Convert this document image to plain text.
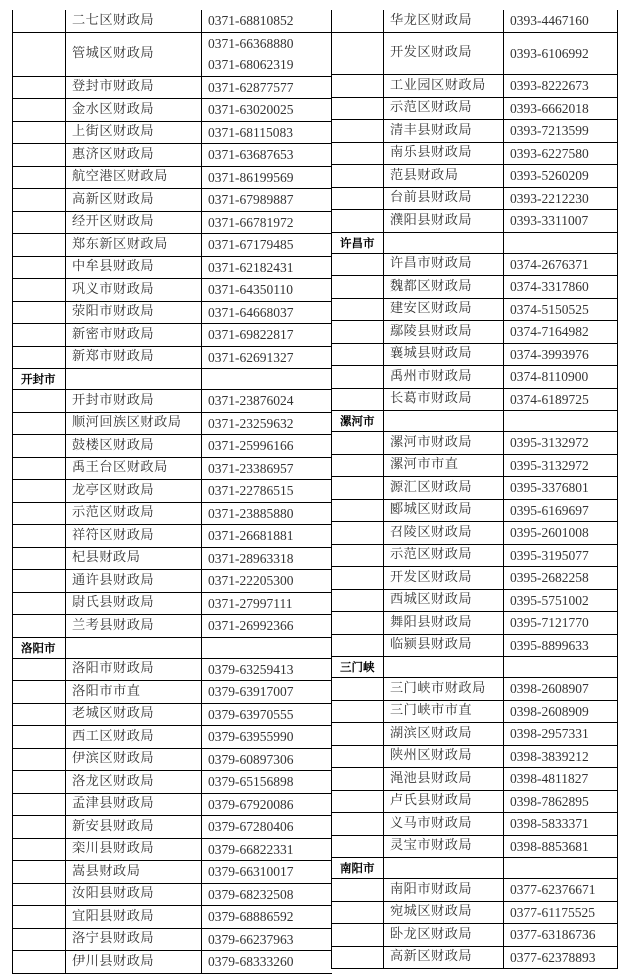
	二七区财政局	0371-68810852

	管城区财政局	0371-66368880
0371-68062319

	登封市财政局	0371-62877577

	金水区财政局	0371-63020025

	上街区财政局	0371-68115083

	惠济区财政局	0371-63687653

	航空港区财政局	0371-86199569

	高新区财政局	0371-67989887

	经开区财政局	0371-66781972

	郑东新区财政局	0371-67179485

	中牟县财政局	0371-62182431

	巩义市财政局	0371-64350110

	荥阳市财政局	0371-64668037

	新密市财政局	0371-69822817

	新郑市财政局	0371-62691327

开封市		

	开封市财政局	0371-23876024

	顺河回族区财政局	0371-23259632

	鼓楼区财政局	0371-25996166

	禹王台区财政局	0371-23386957

	龙亭区财政局	0371-22786515

	示范区财政局	0371-23885880

	祥符区财政局	0371-26681881

	杞县财政局	0371-28963318

	通许县财政局	0371-22205300

	尉氏县财政局	0371-27997111

	兰考县财政局	0371-26992366

洛阳市		

	洛阳市财政局	0379-63259413

	洛阳市市直	0379-63917007

	老城区财政局	0379-63970555

	西工区财政局	0379-63955990

	伊滨区财政局	0379-60897306

	洛龙区财政局	0379-65156898

	孟津县财政局	0379-67920086

	新安县财政局	0379-67280406

	栾川县财政局	0379-66822331

	嵩县财政局	0379-66310017

	汝阳县财政局	0379-68232508

	宜阳县财政局	0379-68886592

	洛宁县财政局	0379-66237963

	伊川县财政局	0379-68333260
	华龙区财政局	0393-4467160

	开发区财政局	0393-6106992

	工业园区财政局	0393-8222673

	示范区财政局	0393-6662018

	清丰县财政局	0393-7213599

	南乐县财政局	0393-6227580

	范县财政局	0393-5260209

	台前县财政局	0393-2212230

	濮阳县财政局	0393-3311007

许昌市		

	许昌市财政局	0374-2676371

	魏都区财政局	0374-3317860

	建安区财政局	0374-5150525

	鄢陵县财政局	0374-7164982

	襄城县财政局	0374-3993976

	禹州市财政局	0374-8110900

	长葛市财政局	0374-6189725

漯河市		

	漯河市财政局	0395-3132972

	漯河市市直	0395-3132972

	源汇区财政局	0395-3376801

	郾城区财政局	0395-6169697

	召陵区财政局	0395-2601008

	示范区财政局	0395-3195077

	开发区财政局	0395-2682258

	西城区财政局	0395-5751002

	舞阳县财政局	0395-7121770

	临颍县财政局	0395-8899633

三门峡		

	三门峡市财政局	0398-2608907

	三门峡市市直	0398-2608909

	湖滨区财政局	0398-2957331

	陕州区财政局	0398-3839212

	渑池县财政局	0398-4811827

	卢氏县财政局	0398-7862895

	义马市财政局	0398-5833371

	灵宝市财政局	0398-8853681

南阳市		

	南阳市财政局	0377-62376671

	宛城区财政局	0377-61175525

	卧龙区财政局	0377-63186736

	高新区财政局	0377-62378893
